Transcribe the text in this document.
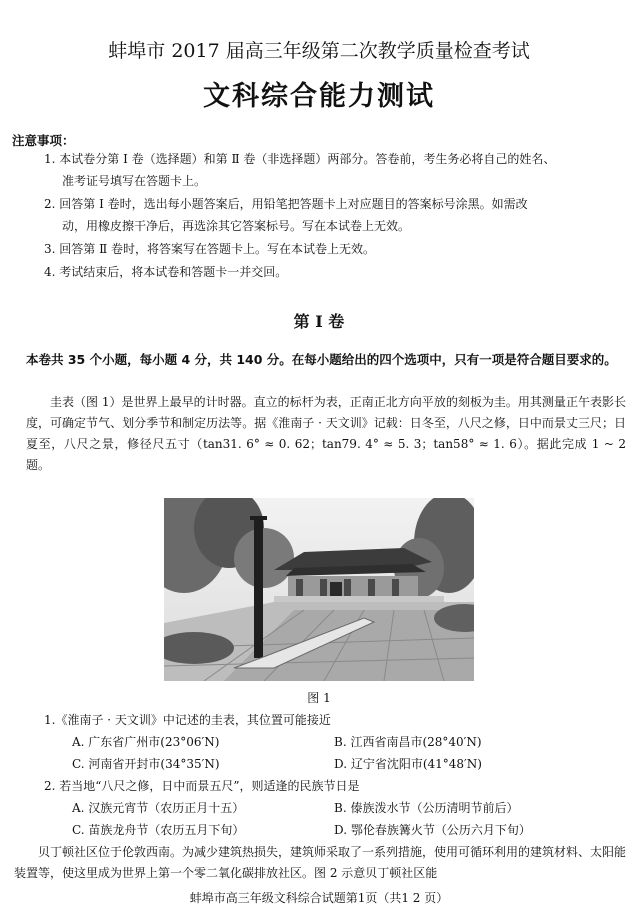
蚌埠市 2017 届高三年级第二次教学质量检查考试
文科综合能力测试
注意事项：
1. 本试卷分第 Ⅰ 卷（选择题）和第 Ⅱ 卷（非选择题）两部分。答卷前，考生务必将自己的姓名、
准考证号填写在答题卡上。
2. 回答第 Ⅰ 卷时，选出每小题答案后，用铅笔把答题卡上对应题目的答案标号涂黑。如需改
动，用橡皮擦干净后，再选涂其它答案标号。写在本试卷上无效。
3. 回答第 Ⅱ 卷时，将答案写在答题卡上。写在本试卷上无效。
4. 考试结束后，将本试卷和答题卡一并交回。
第 Ⅰ 卷
本卷共 35 个小题，每小题 4 分，共 140 分。在每小题给出的四个选项中，只有一项是符合题目要求的。
圭表（图 1）是世界上最早的计时器。直立的标杆为表，正南正北方向平放的刻板为圭。用其测量正午表影长度，可确定节气、划分季节和制定历法等。据《淮南子 · 天文训》记载：日冬至，八尺之修，日中而景丈三尺；日夏至，八尺之景，修径尺五寸（tan31. 6° ≈ 0. 62；tan79. 4° ≈ 5. 3；tan58° ≈ 1. 6）。据此完成 1 ~ 2 题。
图 1
1.《淮南子 · 天文训》中记述的圭表，其位置可能接近
A. 广东省广州市(23°06′N)	B. 江西省南昌市(28°40′N)
C. 河南省开封市(34°35′N)	D. 辽宁省沈阳市(41°48′N)
2. 若当地“八尺之修，日中而景五尺”，则适逢的民族节日是
A. 汉族元宵节（农历正月十五）	B. 傣族泼水节（公历清明节前后）
C. 苗族龙舟节（农历五月下旬）	D. 鄂伦春族篝火节（公历六月下旬）
贝丁顿社区位于伦敦西南。为减少建筑热损失，建筑师采取了一系列措施，使用可循环利用的建筑材料、太阳能装置等，使这里成为世界上第一个零二氧化碳排放社区。图 2 示意贝丁顿社区能
蚌埠市高三年级文科综合试题第1页（共1 2 页）
